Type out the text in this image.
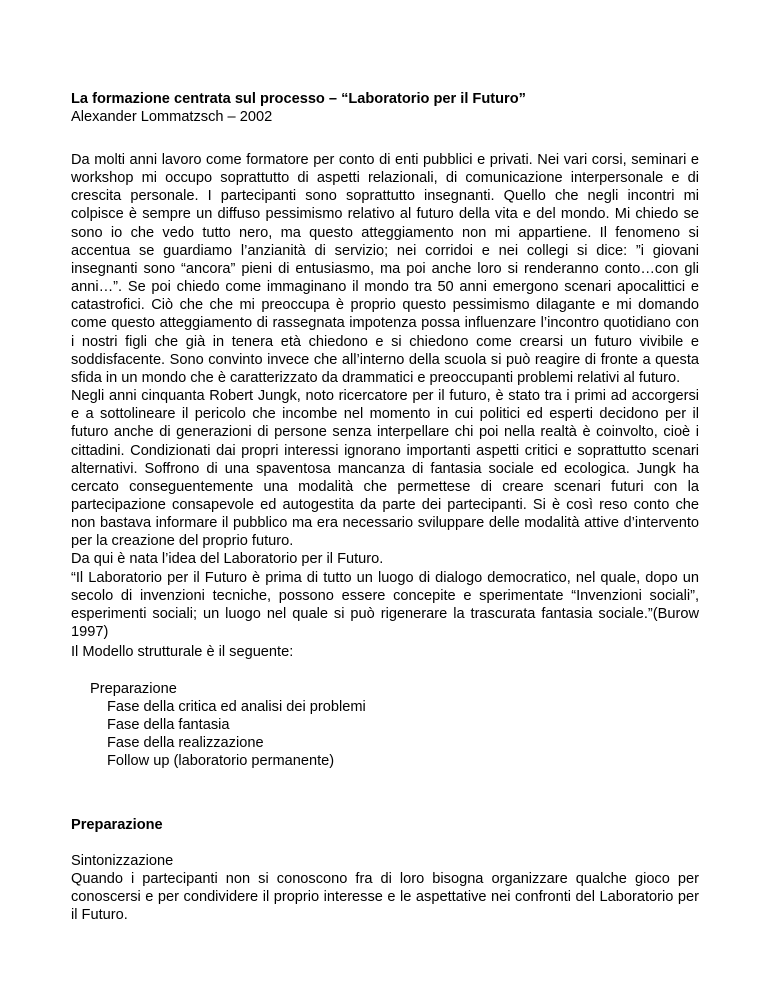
La formazione centrata sul processo – “Laboratorio per il Futuro”
Alexander Lommatzsch – 2002

Da molti anni lavoro come formatore per conto di enti pubblici e privati. Nei vari corsi, seminari e workshop mi occupo soprattutto di aspetti relazionali, di comunicazione interpersonale e di crescita personale. I partecipanti sono soprattutto insegnanti. Quello che negli incontri mi colpisce è sempre un diffuso pessimismo relativo al futuro della vita e del mondo. Mi chiedo se sono io che vedo tutto nero, ma questo atteggiamento non mi appartiene. Il fenomeno si accentua se guardiamo l’anzianità di servizio; nei corridoi e nei collegi si dice: ”i giovani insegnanti sono “ancora” pieni di entusiasmo, ma poi anche loro si renderanno conto…con gli anni…”. Se poi chiedo come immaginano il mondo tra 50 anni emergono scenari apocalittici e catastrofici. Ciò che che mi preoccupa è proprio questo pessimismo dilagante e mi domando come questo atteggiamento di rassegnata impotenza possa influenzare l’incontro quotidiano con i nostri figli che già in tenera età chiedono e si chiedono come crearsi un futuro vivibile e soddisfacente. Sono convinto invece che all’interno della scuola si può reagire di fronte a questa sfida in un mondo che è caratterizzato da drammatici e preoccupanti problemi relativi al futuro.

Negli anni cinquanta Robert Jungk, noto ricercatore per il futuro, è stato tra i primi ad accorgersi e a sottolineare il pericolo che incombe nel momento in cui politici ed esperti decidono per il futuro anche di generazioni di persone senza interpellare chi poi nella realtà è coinvolto, cioè i cittadini. Condizionati dai propri interessi ignorano importanti aspetti critici e soprattutto scenari alternativi. Soffrono di una spaventosa mancanza di fantasia sociale ed ecologica. Jungk ha cercato conseguentemente una modalità che permettese di creare scenari futuri con la partecipazione consapevole ed autogestita da parte dei partecipanti. Si è così reso conto che non bastava informare il pubblico ma era necessario sviluppare delle modalità attive d’intervento per la creazione del proprio futuro.

Da qui è nata l’idea del Laboratorio per il Futuro.

“Il Laboratorio per il Futuro è prima di tutto un luogo di dialogo democratico, nel quale, dopo un secolo di invenzioni tecniche, possono essere concepite e sperimentate “Invenzioni sociali”, esperimenti sociali; un luogo nel quale si può rigenerare la trascurata fantasia sociale.”(Burow 1997)

Il Modello strutturale è il seguente:
Preparazione
Fase della critica ed analisi dei problemi
Fase della fantasia
Fase della realizzazione
Follow up (laboratorio permanente)
Preparazione

Sintonizzazione

Quando i partecipanti non si conoscono fra di loro bisogna organizzare qualche gioco per conoscersi e per condividere il proprio interesse e le aspettative nei confronti del Laboratorio per il Futuro.
